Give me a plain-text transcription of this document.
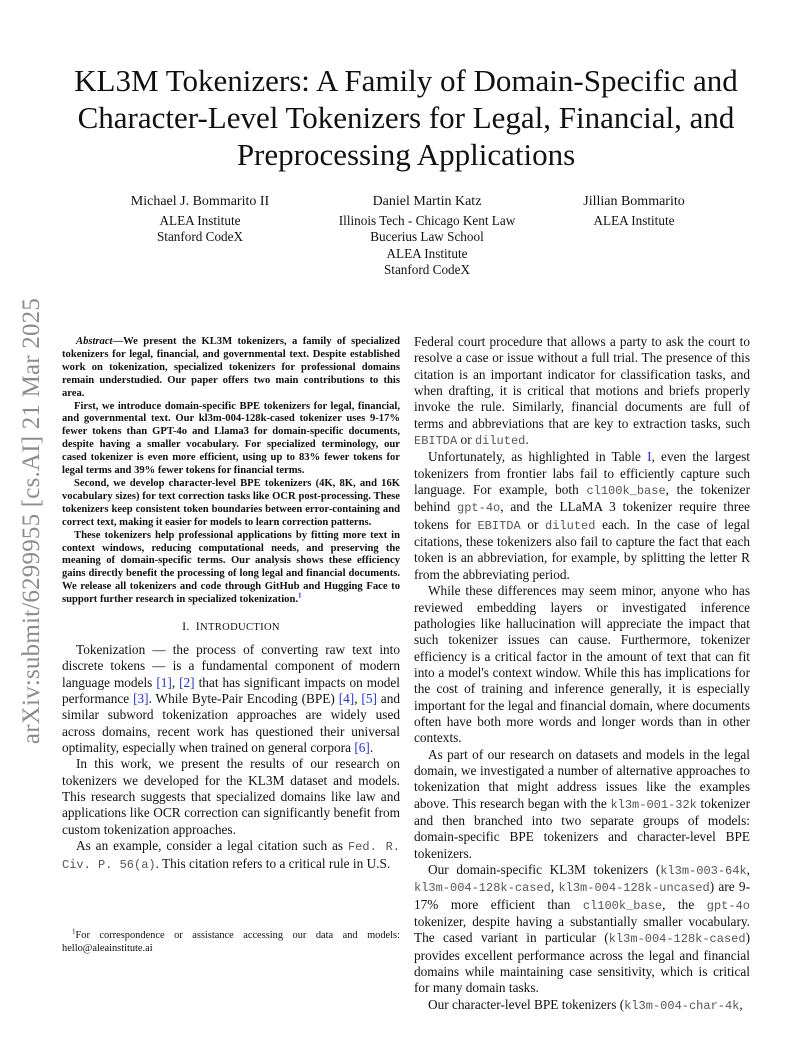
KL3M Tokenizers: A Family of Domain-Specific and Character-Level Tokenizers for Legal, Financial, and Preprocessing Applications
Michael J. Bommarito II
ALEA Institute
Stanford CodeX
Daniel Martin Katz
Illinois Tech - Chicago Kent Law
Bucerius Law School
ALEA Institute
Stanford CodeX
Jillian Bommarito
ALEA Institute
arXiv:submit/6299955 [cs.AI] 21 Mar 2025	Abstract—We present the KL3M tokenizers, a family of specialized tokenizers for legal, financial, and governmental text. Despite established work on tokenization, specialized tokenizers for professional domains remain understudied. Our paper offers two main contributions to this area.

First, we introduce domain-specific BPE tokenizers for legal, financial, and governmental text. Our kl3m-004-128k-cased tokenizer uses 9-17% fewer tokens than GPT-4o and Llama3 for domain-specific documents, despite having a smaller vocabulary. For specialized terminology, our cased tokenizer is even more efficient, using up to 83% fewer tokens for legal terms and 39% fewer tokens for financial terms.

Second, we develop character-level BPE tokenizers (4K, 8K, and 16K vocabulary sizes) for text correction tasks like OCR post-processing. These tokenizers keep consistent token boundaries between error-containing and correct text, making it easier for models to learn correction patterns.

These tokenizers help professional applications by fitting more text in context windows, reducing computational needs, and preserving the meaning of domain-specific terms. Our analysis shows these efficiency gains directly benefit the processing of long legal and financial documents. We release all tokenizers and code through GitHub and Hugging Face to support further research in specialized tokenization.$^1$

I. INTRODUCTION

Tokenization — the process of converting raw text into discrete tokens — is a fundamental component of modern language models [1], [2] that has significant impacts on model performance [3]. While Byte-Pair Encoding (BPE) [4], [5] and similar subword tokenization approaches are widely used across domains, recent work has questioned their universal optimality, especially when trained on general corpora [6].

In this work, we present the results of our research on tokenizers we developed for the KL3M dataset and models. This research suggests that specialized domains like law and applications like OCR correction can significantly benefit from custom tokenization approaches.

As an example, consider a legal citation such as Fed. R. Civ. P. 56(a). This citation refers to a critical rule in U.S.

$^1$For correspondence or assistance accessing our data and models: hello@aleainstitute.ai

Federal court procedure that allows a party to ask the court to resolve a case or issue without a full trial. The presence of this citation is an important indicator for classification tasks, and when drafting, it is critical that motions and briefs properly invoke the rule. Similarly, financial documents are full of terms and abbreviations that are key to extraction tasks, such EBITDA or diluted.

Unfortunately, as highlighted in Table I, even the largest tokenizers from frontier labs fail to efficiently capture such language. For example, both cl100k_base, the tokenizer behind gpt-4o, and the LLaMA 3 tokenizer require three tokens for EBITDA or diluted each. In the case of legal citations, these tokenizers also fail to capture the fact that each token is an abbreviation, for example, by splitting the letter R from the abbreviating period.

While these differences may seem minor, anyone who has reviewed embedding layers or investigated inference pathologies like hallucination will appreciate the impact that such tokenizer issues can cause. Furthermore, tokenizer efficiency is a critical factor in the amount of text that can fit into a model's context window. While this has implications for the cost of training and inference generally, it is especially important for the legal and financial domain, where documents often have both more words and longer words than in other contexts.

As part of our research on datasets and models in the legal domain, we investigated a number of alternative approaches to tokenization that might address issues like the examples above. This research began with the kl3m-001-32k tokenizer and then branched into two separate groups of models: domain-specific BPE tokenizers and character-level BPE tokenizers.

Our domain-specific KL3M tokenizers (kl3m-003-64k, kl3m-004-128k-cased, kl3m-004-128k-uncased) are 9-17% more efficient than cl100k_base, the gpt-4o tokenizer, despite having a substantially smaller vocabulary. The cased variant in particular (kl3m-004-128k-cased) provides excellent performance across the legal and financial domains while maintaining case sensitivity, which is critical for many domain tasks.

Our character-level BPE tokenizers (kl3m-004-char-4k,
